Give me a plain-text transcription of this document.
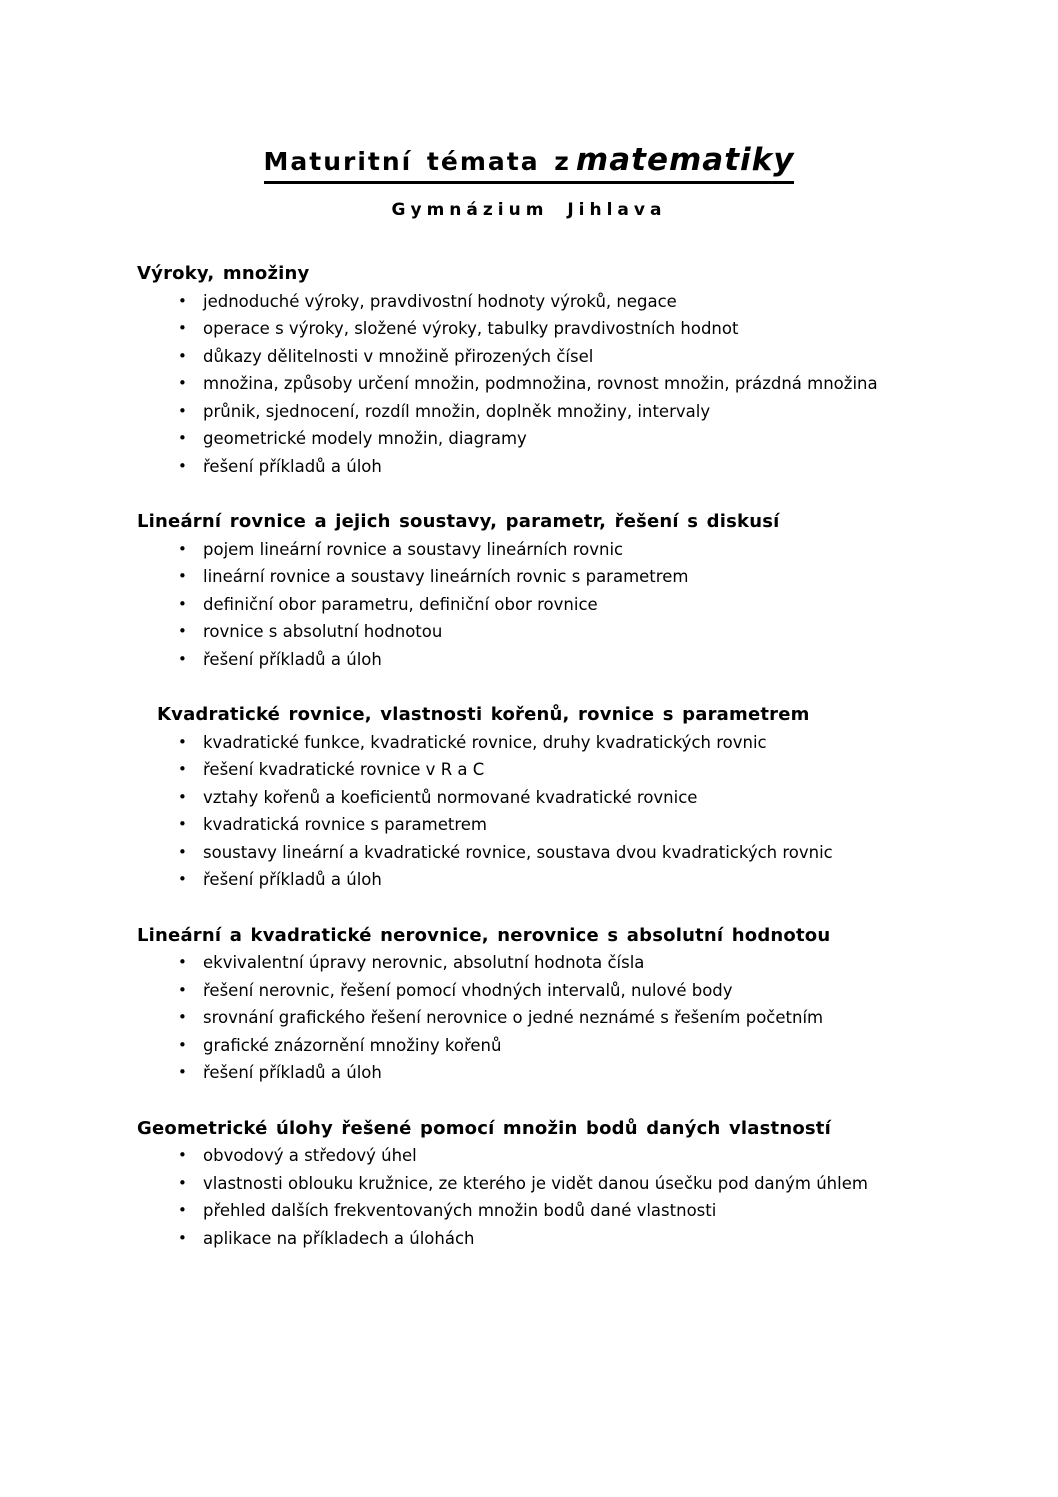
Maturitní témata z matematiky
Gymnázium Jihlava
Výroky, množiny
• jednoduché výroky, pravdivostní hodnoty výroků, negace
• operace s výroky, složené výroky, tabulky pravdivostních hodnot
• důkazy dělitelnosti v množině přirozených čísel
• množina, způsoby určení množin, podmnožina, rovnost množin, prázdná množina
• průnik, sjednocení, rozdíl množin, doplněk množiny, intervaly
• geometrické modely množin, diagramy
• řešení příkladů a úloh
Lineární rovnice a jejich soustavy, parametr, řešení s diskusí
• pojem lineární rovnice a soustavy lineárních rovnic
• lineární rovnice a soustavy lineárních rovnic s parametrem
• definiční obor parametru, definiční obor rovnice
• rovnice s absolutní hodnotou
• řešení příkladů a úloh
Kvadratické rovnice, vlastnosti kořenů, rovnice s parametrem
• kvadratické funkce, kvadratické rovnice, druhy kvadratických rovnic
• řešení kvadratické rovnice v R a C
• vztahy kořenů a koeficientů normované kvadratické rovnice
• kvadratická rovnice s parametrem
• soustavy lineární a kvadratické rovnice, soustava dvou kvadratických rovnic
• řešení příkladů a úloh
Lineární a kvadratické nerovnice, nerovnice s absolutní hodnotou
• ekvivalentní úpravy nerovnic, absolutní hodnota čísla
• řešení nerovnic, řešení pomocí vhodných intervalů, nulové body
• srovnání grafického řešení nerovnice o jedné neznámé s řešením početním
• grafické znázornění množiny kořenů
• řešení příkladů a úloh
Geometrické úlohy řešené pomocí množin bodů daných vlastností
• obvodový a středový úhel
• vlastnosti oblouku kružnice, ze kterého je vidět danou úsečku pod daným úhlem
• přehled dalších frekventovaných množin bodů dané vlastnosti
• aplikace na příkladech a úlohách
